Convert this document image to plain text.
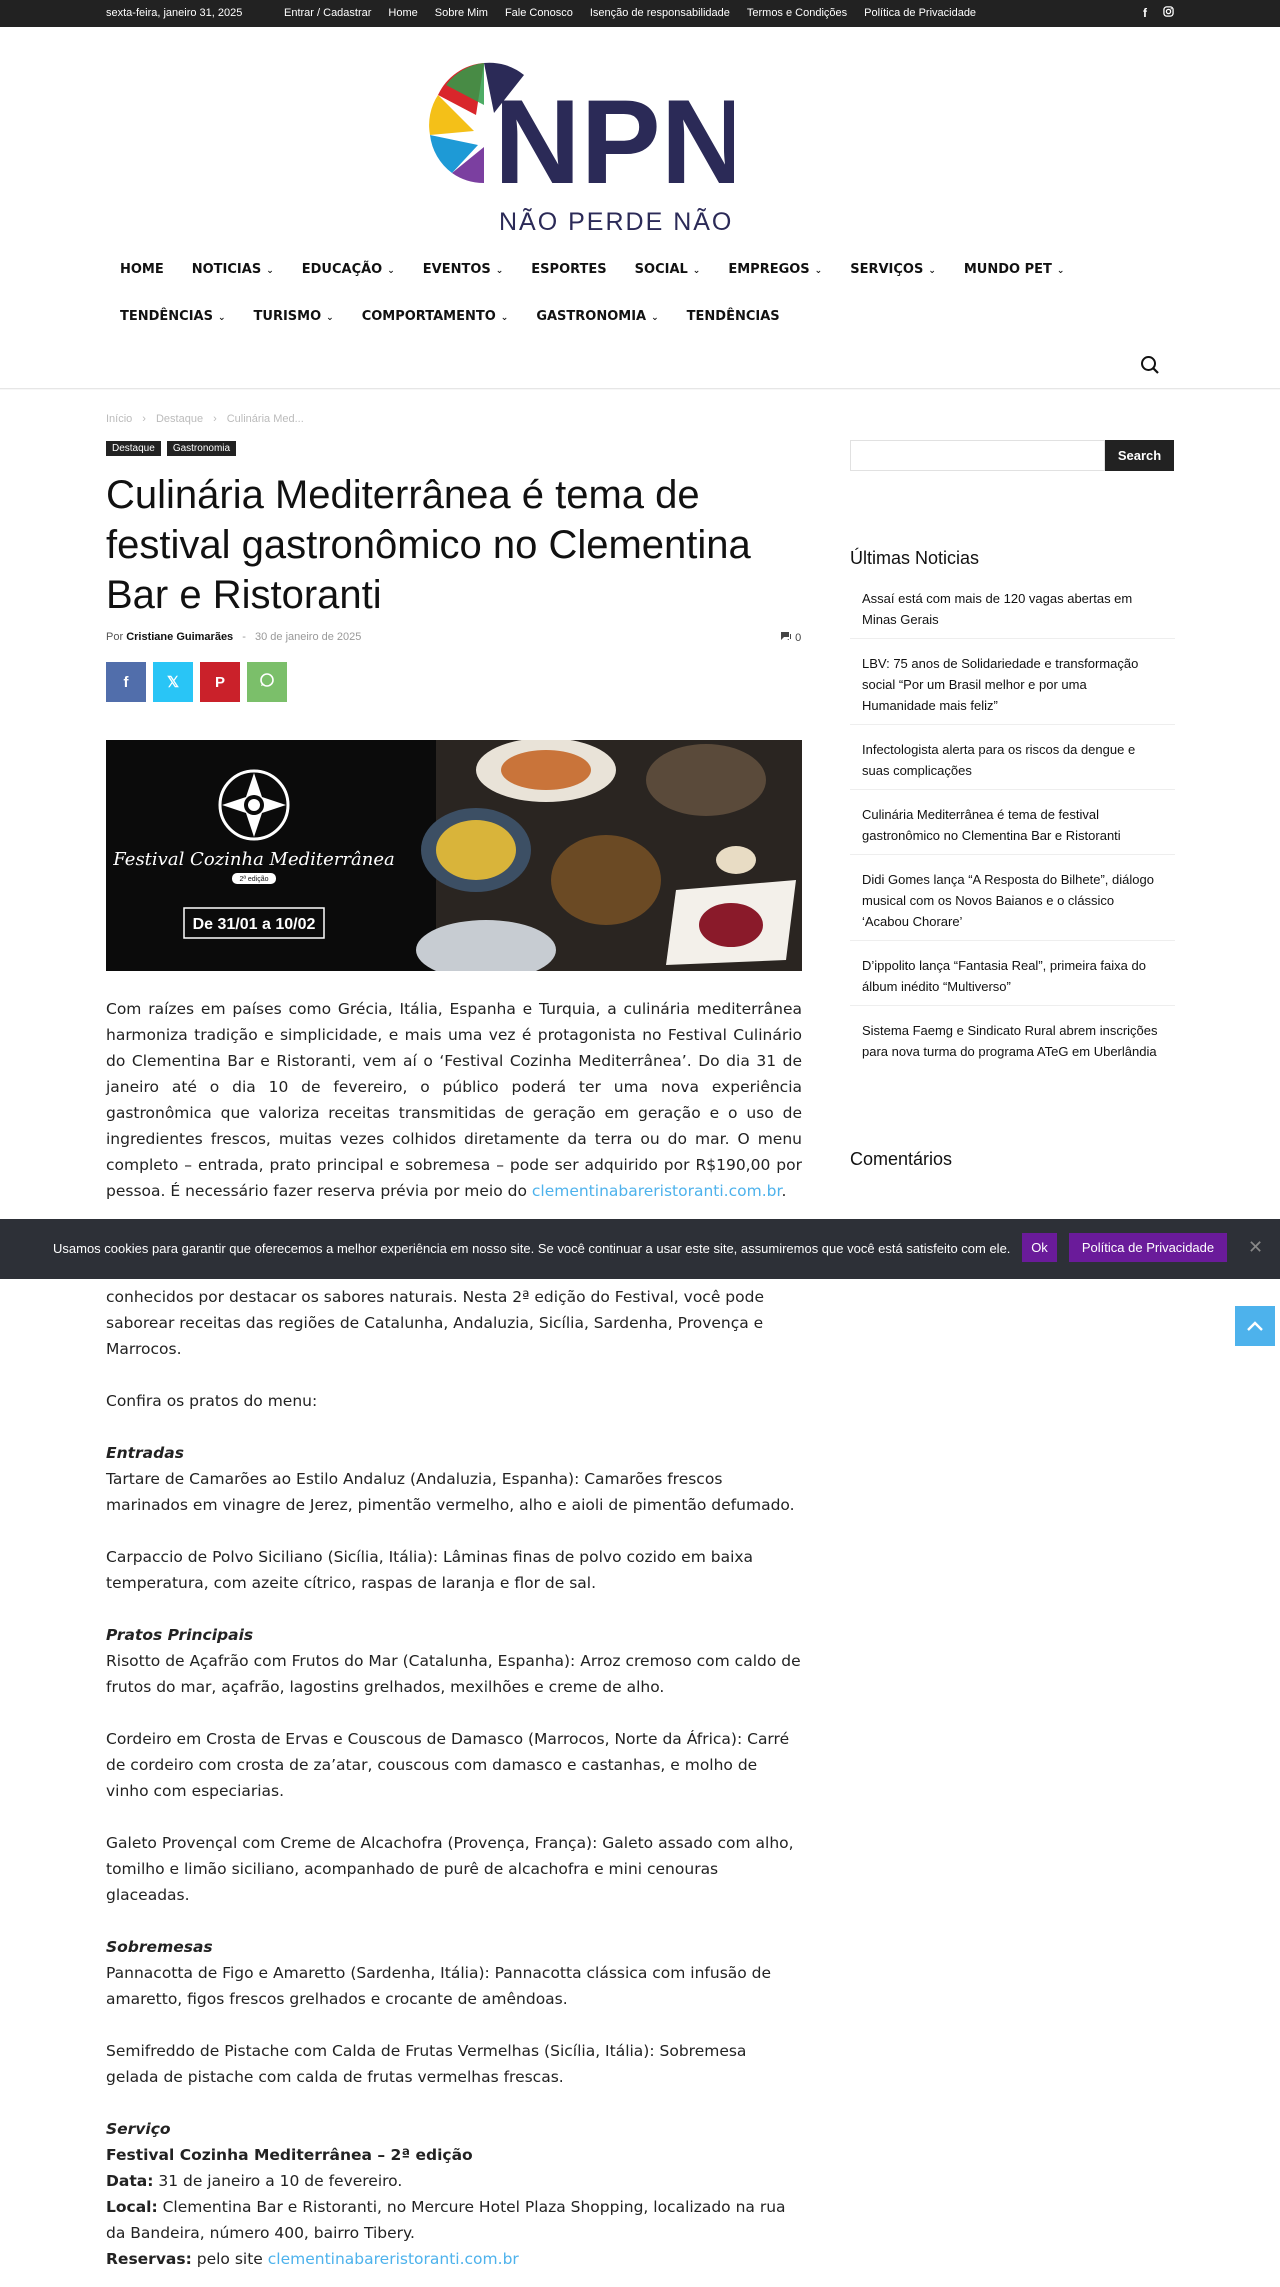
sexta-feira, janeiro 31, 2025	Entrar / Cadastrar Home Sobre Mim Fale Conosco Isenção de responsabilidade Termos e Condições Política de Privacidade	f
NPN
NÃO PERDE NÃO
HOME	NOTICIAS ⌄	EDUCAÇÃO ⌄	EVENTOS ⌄	ESPORTES	SOCIAL ⌄	EMPREGOS ⌄	SERVIÇOS ⌄	MUNDO PET ⌄
TENDÊNCIAS ⌄	TURISMO ⌄	COMPORTAMENTO ⌄	GASTRONOMIA ⌄	TENDÊNCIAS
Início › Destaque › Culinária Med...
Destaque	Gastronomia
Culinária Mediterrânea é tema de festival gastronômico no Clementina Bar e Ristoranti
Por Cristiane Guimarães - 30 de janeiro de 2025	0
f	𝕏 P
Festival Cozinha Mediterrânea
2ª edição
De 31/01 a 10/02

Com raízes em países como Grécia, Itália, Espanha e Turquia, a culinária mediterrânea harmoniza tradição e simplicidade, e mais uma vez é protagonista no Festival Culinário do Clementina Bar e Ristoranti, vem aí o ‘Festival Cozinha Mediterrânea’. Do dia 31 de janeiro até o dia 10 de fevereiro, o público poderá ter uma nova experiência gastronômica que valoriza receitas transmitidas de geração em geração e o uso de ingredientes frescos, muitas vezes colhidos diretamente da terra ou do mar. O menu completo – entrada, prato principal e sobremesa – pode ser adquirido por R$190,00 por pessoa. É necessário fazer reserva prévia por meio do clementinabareristoranti.com.br.

conhecidos por destacar os sabores naturais. Nesta 2ª edição do Festival, você pode saborear receitas das regiões de Catalunha, Andaluzia, Sicília, Sardenha, Provença e Marrocos.

Confira os pratos do menu:

Entradas

Tartare de Camarões ao Estilo Andaluz (Andaluzia, Espanha): Camarões frescos marinados em vinagre de Jerez, pimentão vermelho, alho e aioli de pimentão defumado.

Carpaccio de Polvo Siciliano (Sicília, Itália): Lâminas finas de polvo cozido em baixa temperatura, com azeite cítrico, raspas de laranja e flor de sal.

Pratos Principais

Risotto de Açafrão com Frutos do Mar (Catalunha, Espanha): Arroz cremoso com caldo de frutos do mar, açafrão, lagostins grelhados, mexilhões e creme de alho.

Cordeiro em Crosta de Ervas e Couscous de Damasco (Marrocos, Norte da África): Carré de cordeiro com crosta de za’atar, couscous com damasco e castanhas, e molho de vinho com especiarias.

Galeto Provençal com Creme de Alcachofra (Provença, França): Galeto assado com alho, tomilho e limão siciliano, acompanhado de purê de alcachofra e mini cenouras glaceadas.

Sobremesas

Pannacotta de Figo e Amaretto (Sardenha, Itália): Pannacotta clássica com infusão de amaretto, figos frescos grelhados e crocante de amêndoas.

Semifreddo de Pistache com Calda de Frutas Vermelhas (Sicília, Itália): Sobremesa gelada de pistache com calda de frutas vermelhas frescas.

Serviço

Festival Cozinha Mediterrânea – 2ª edição

Data: 31 de janeiro a 10 de fevereiro.

Local: Clementina Bar e Ristoranti, no Mercure Hotel Plaza Shopping, localizado na rua da Bandeira, número 400, bairro Tibery.

Reservas: pelo site clementinabareristoranti.com.br

Search
Últimas Noticias
Assaí está com mais de 120 vagas abertas em Minas Gerais
LBV: 75 anos de Solidariedade e transformação social “Por um Brasil melhor e por uma Humanidade mais feliz”
Infectologista alerta para os riscos da dengue e suas complicações
Culinária Mediterrânea é tema de festival gastronômico no Clementina Bar e Ristoranti
Didi Gomes lança “A Resposta do Bilhete”, diálogo musical com os Novos Baianos e o clássico ‘Acabou Chorare’
D’ippolito lança “Fantasia Real”, primeira faixa do álbum inédito “Multiverso”
Sistema Faemg e Sindicato Rural abrem inscrições para nova turma do programa ATeG em Uberlândia
Comentários
Usamos cookies para garantir que oferecemos a melhor experiência em nosso site. Se você continuar a usar este site, assumiremos que você está satisfeito com ele.	Ok	Política de Privacidade	✕
